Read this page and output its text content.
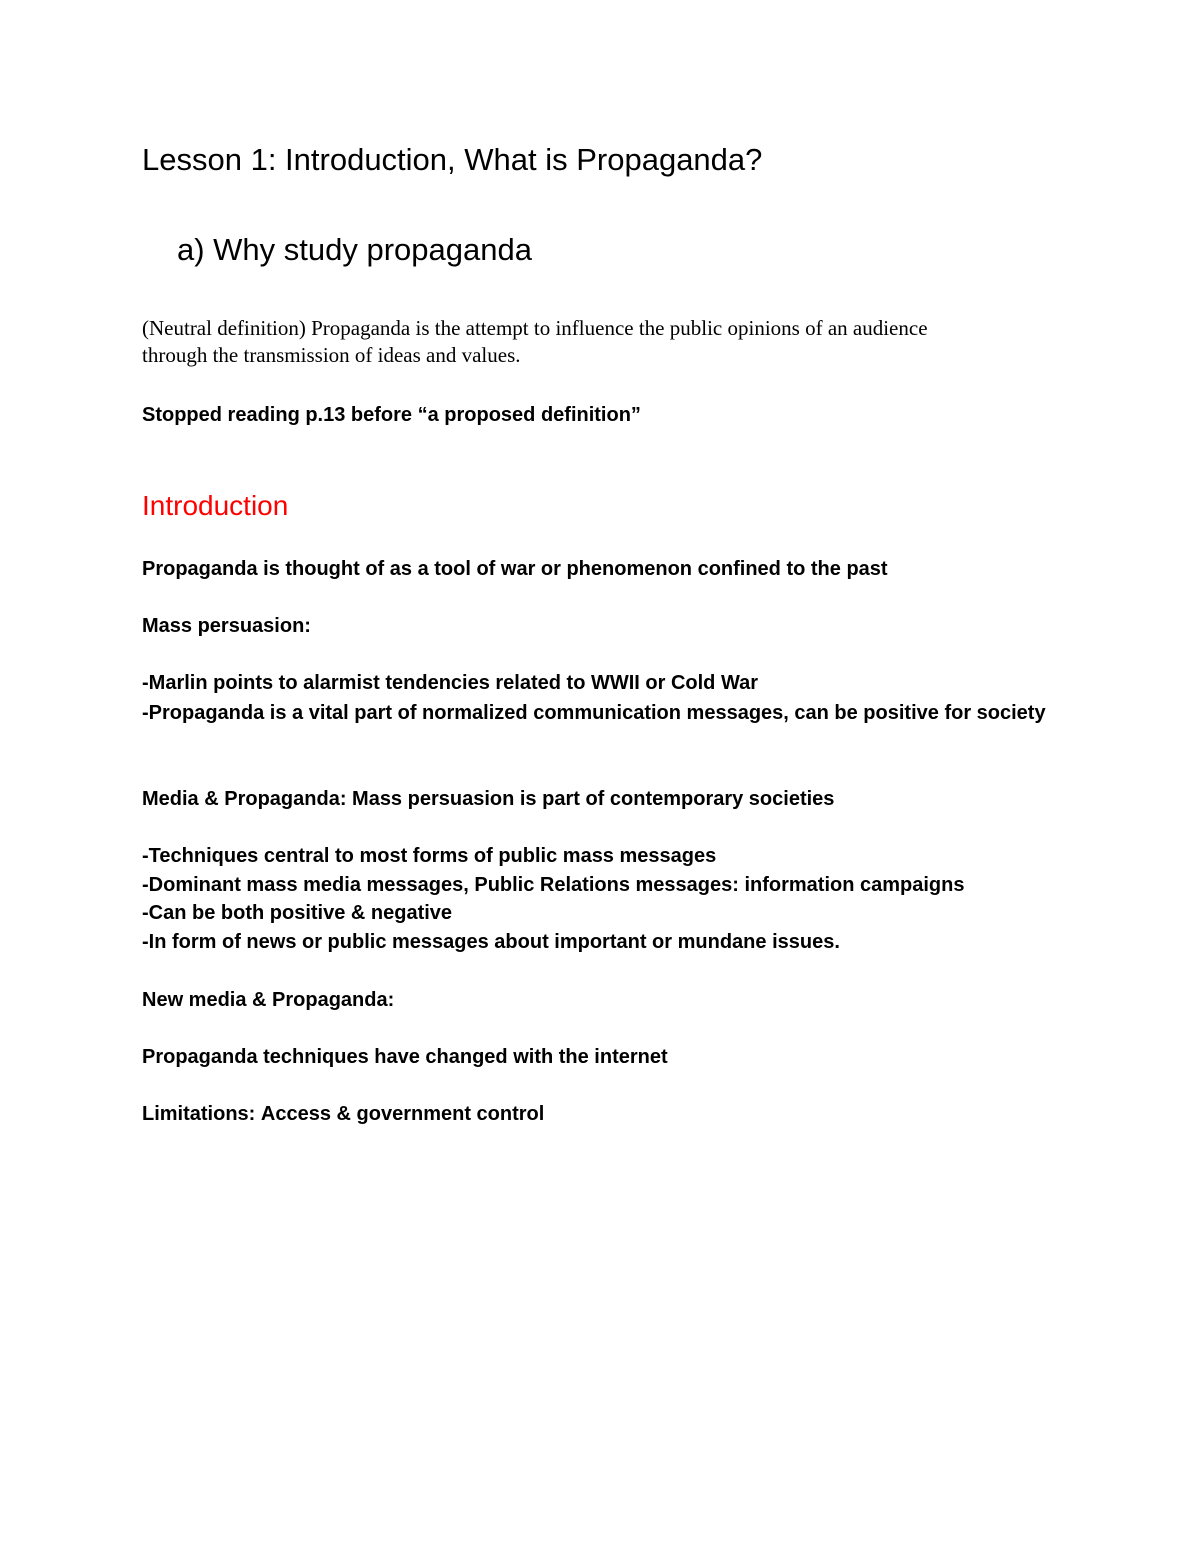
Lesson 1: Introduction, What is Propaganda?
a) Why study propaganda
(Neutral definition) Propaganda is the attempt to influence the public opinions of an audience
through the transmission of ideas and values.
Stopped reading p.13 before “a proposed definition”
Introduction
Propaganda is thought of as a tool of war or phenomenon confined to the past
Mass persuasion:
-Marlin points to alarmist tendencies related to WWII or Cold War
-Propaganda is a vital part of normalized communication messages, can be positive for society
Media & Propaganda: Mass persuasion is part of contemporary societies
-Techniques central to most forms of public mass messages
-Dominant mass media messages, Public Relations messages: information campaigns
-Can be both positive & negative
-In form of news or public messages about important or mundane issues.
New media & Propaganda:
Propaganda techniques have changed with the internet
Limitations: Access & government control
